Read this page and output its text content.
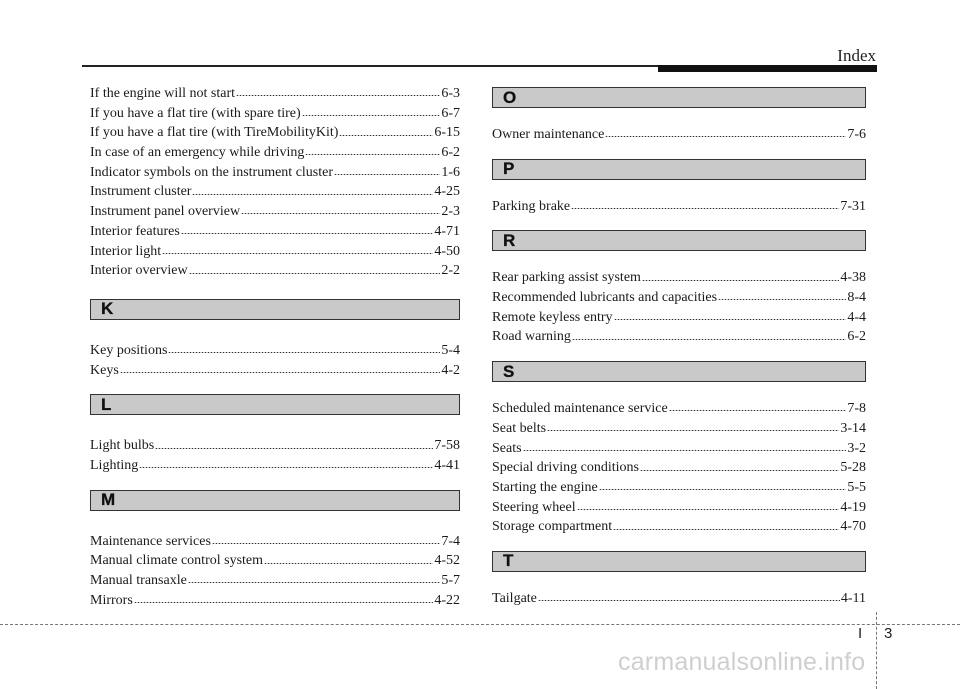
Index
If the engine will not start	6-3
If you have a flat tire (with spare tire)	6-7
If you have a flat tire (with TireMobilityKit)	6-15
In case of an emergency while driving	6-2
Indicator symbols on the instrument cluster	1-6
Instrument cluster	4-25
Instrument panel overview	2-3
Interior features	4-71
Interior light	4-50
Interior overview	2-2
K
Key positions	5-4
Keys	4-2
L
Light bulbs	7-58
Lighting	4-41
M
Maintenance services	7-4
Manual climate control system	4-52
Manual transaxle	5-7
Mirrors	4-22
O
Owner maintenance	7-6
P
Parking brake	7-31
R
Rear parking assist system	4-38
Recommended lubricants and capacities	8-4
Remote keyless entry	4-4
Road warning	6-2
S
Scheduled maintenance service	7-8
Seat belts	3-14
Seats	3-2
Special driving conditions	5-28
Starting the engine	5-5
Steering wheel	4-19
Storage compartment	4-70
T
Tailgate	4-11
I 3
carmanualsonline.info
